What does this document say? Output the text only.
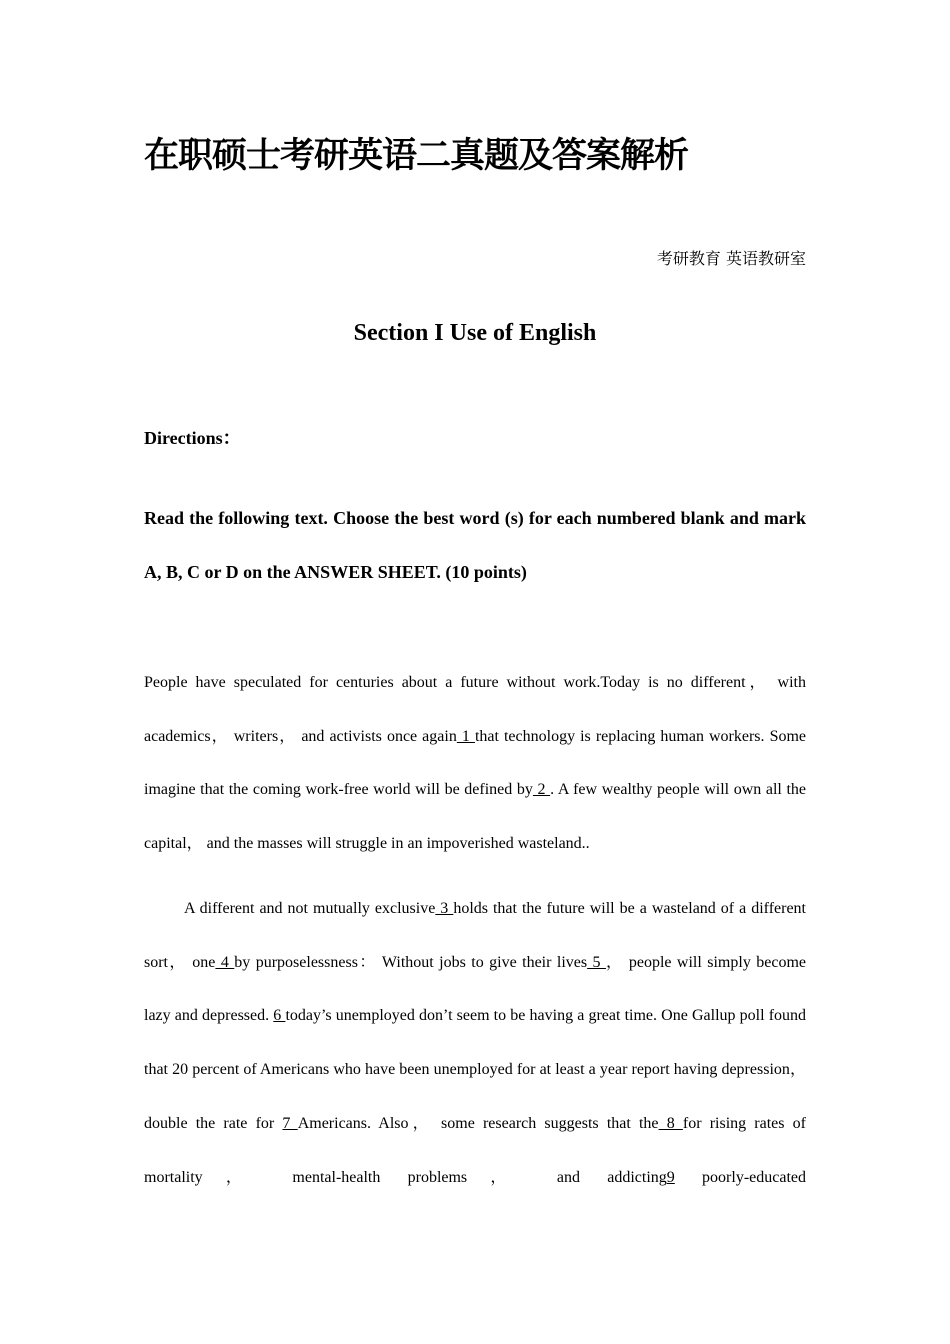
在职硕士考研英语二真题及答案解析
考研教育 英语教研室
Section I Use of English
Directions：
Read the following text. Choose the best word (s) for each numbered blank and mark A, B, C or D on the ANSWER SHEET. (10 points)
People have speculated for centuries about a future without work.Today is no different， with academics， writers， and activists once again 1 that technology is replacing human workers. Some imagine that the coming work-free world will be defined by 2 . A few wealthy people will own all the capital， and the masses will struggle in an impoverished wasteland..
A different and not mutually exclusive 3 holds that the future will be a wasteland of a different sort， one 4 by purposelessness： Without jobs to give their lives 5 ， people will simply become lazy and depressed. 6 today’s unemployed don’t seem to be having a great time. One Gallup poll found that 20 percent of Americans who have been unemployed for at least a year report having depression， double the rate for 7 Americans. Also， some research suggests that the 8 for rising rates of mortality， mental-health problems， and addicting9 poorly-educated
